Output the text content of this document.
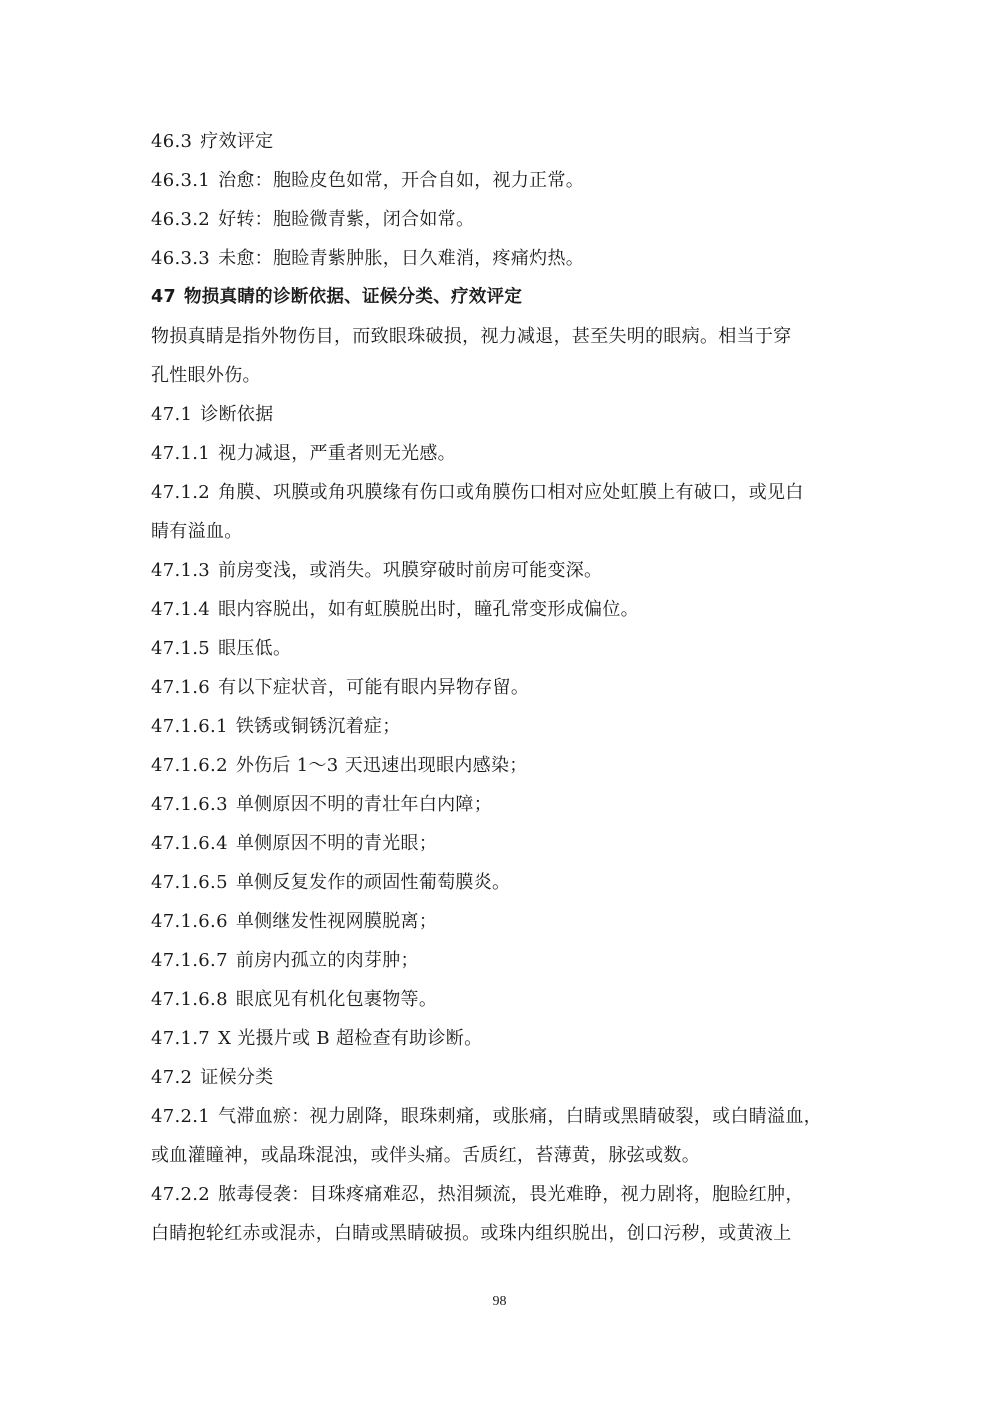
46.3 疗效评定
46.3.1 治愈：胞睑皮色如常，开合自如，视力正常。
46.3.2 好转：胞睑微青紫，闭合如常。
46.3.3 未愈：胞睑青紫肿胀，日久难消，疼痛灼热。
47 物损真睛的诊断依据、证候分类、疗效评定
物损真睛是指外物伤目，而致眼珠破损，视力减退，甚至失明的眼病。相当于穿
孔性眼外伤。
47.1 诊断依据
47.1.1 视力减退，严重者则无光感。
47.1.2 角膜、巩膜或角巩膜缘有伤口或角膜伤口相对应处虹膜上有破口，或见白
睛有溢血。
47.1.3 前房变浅，或消失。巩膜穿破时前房可能变深。
47.1.4 眼内容脱出，如有虹膜脱出时，瞳孔常变形成偏位。
47.1.5 眼压低。
47.1.6 有以下症状音，可能有眼内异物存留。
47.1.6.1 铁锈或铜锈沉着症；
47.1.6.2 外伤后 1～3 天迅速出现眼内感染；
47.1.6.3 单侧原因不明的青壮年白内障；
47.1.6.4 单侧原因不明的青光眼；
47.1.6.5 单侧反复发作的顽固性葡萄膜炎。
47.1.6.6 单侧继发性视网膜脱离；
47.1.6.7 前房内孤立的肉芽肿；
47.1.6.8 眼底见有机化包裹物等。
47.1.7 X 光摄片或 B 超检查有助诊断。
47.2 证候分类
47.2.1 气滞血瘀：视力剧降，眼珠刺痛，或胀痛，白睛或黑睛破裂，或白睛溢血，
或血灌瞳神，或晶珠混浊，或伴头痛。舌质红，苔薄黄，脉弦或数。
47.2.2 脓毒侵袭：目珠疼痛难忍，热泪频流，畏光难睁，视力剧将，胞睑红肿，
白睛抱轮红赤或混赤，白睛或黑睛破损。或珠内组织脱出，创口污秽，或黄液上
98
